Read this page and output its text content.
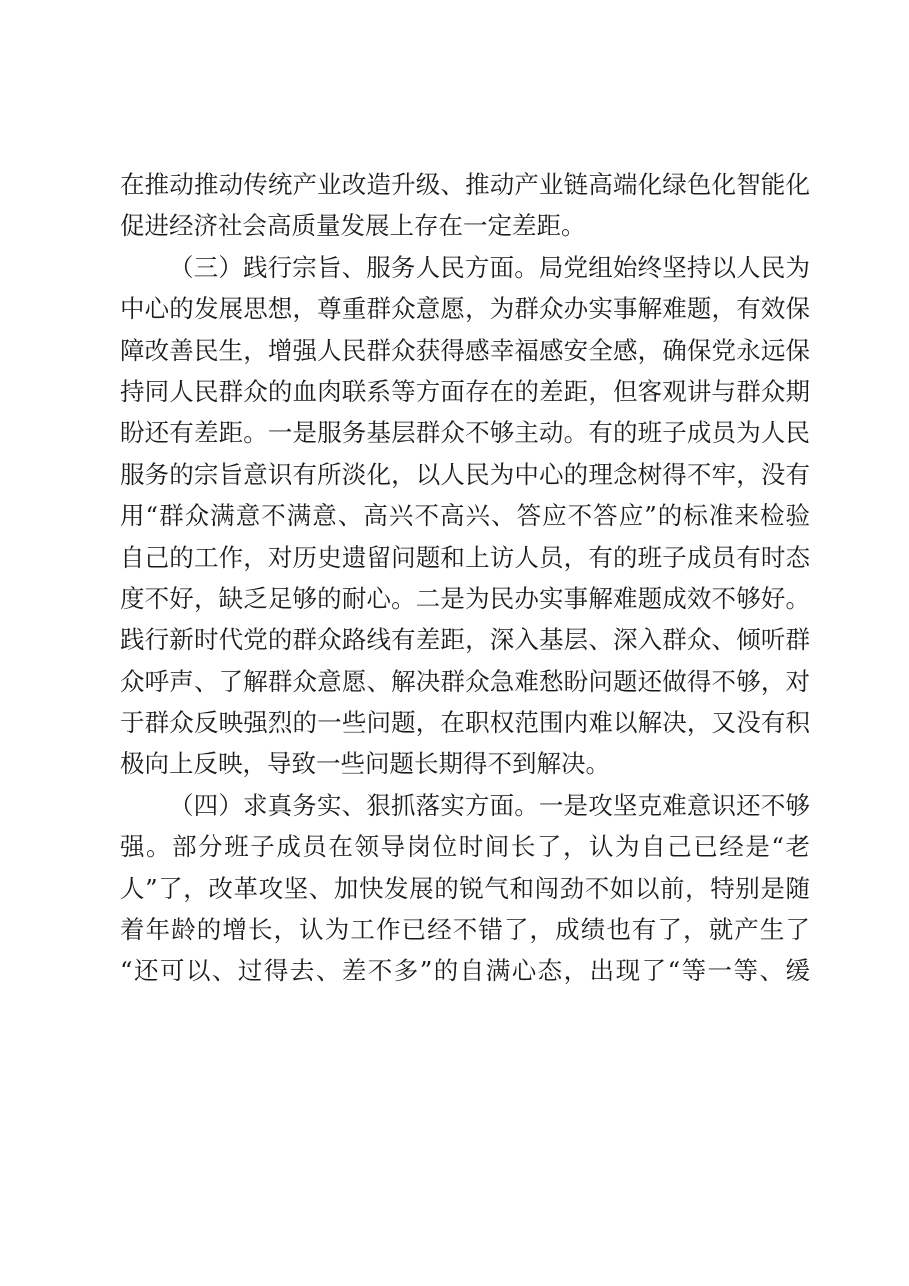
在推动推动传统产业改造升级、推动产业链高端化绿色化智能化
促进经济社会高质量发展上存在一定差距。
（三）践行宗旨、服务人民方面。局党组始终坚持以人民为
中心的发展思想，尊重群众意愿，为群众办实事解难题，有效保
障改善民生，增强人民群众获得感幸福感安全感，确保党永远保
持同人民群众的血肉联系等方面存在的差距，但客观讲与群众期
盼还有差距。一是服务基层群众不够主动。有的班子成员为人民
服务的宗旨意识有所淡化，以人民为中心的理念树得不牢，没有
用“群众满意不满意、高兴不高兴、答应不答应”的标准来检验
自己的工作，对历史遗留问题和上访人员，有的班子成员有时态
度不好，缺乏足够的耐心。二是为民办实事解难题成效不够好。
践行新时代党的群众路线有差距，深入基层、深入群众、倾听群
众呼声、了解群众意愿、解决群众急难愁盼问题还做得不够，对
于群众反映强烈的一些问题，在职权范围内难以解决，又没有积
极向上反映，导致一些问题长期得不到解决。
（四）求真务实、狠抓落实方面。一是攻坚克难意识还不够
强。部分班子成员在领导岗位时间长了，认为自己已经是“老
人”了，改革攻坚、加快发展的锐气和闯劲不如以前，特别是随
着年龄的增长，认为工作已经不错了，成绩也有了，就产生了
“还可以、过得去、差不多”的自满心态，出现了“等一等、缓
